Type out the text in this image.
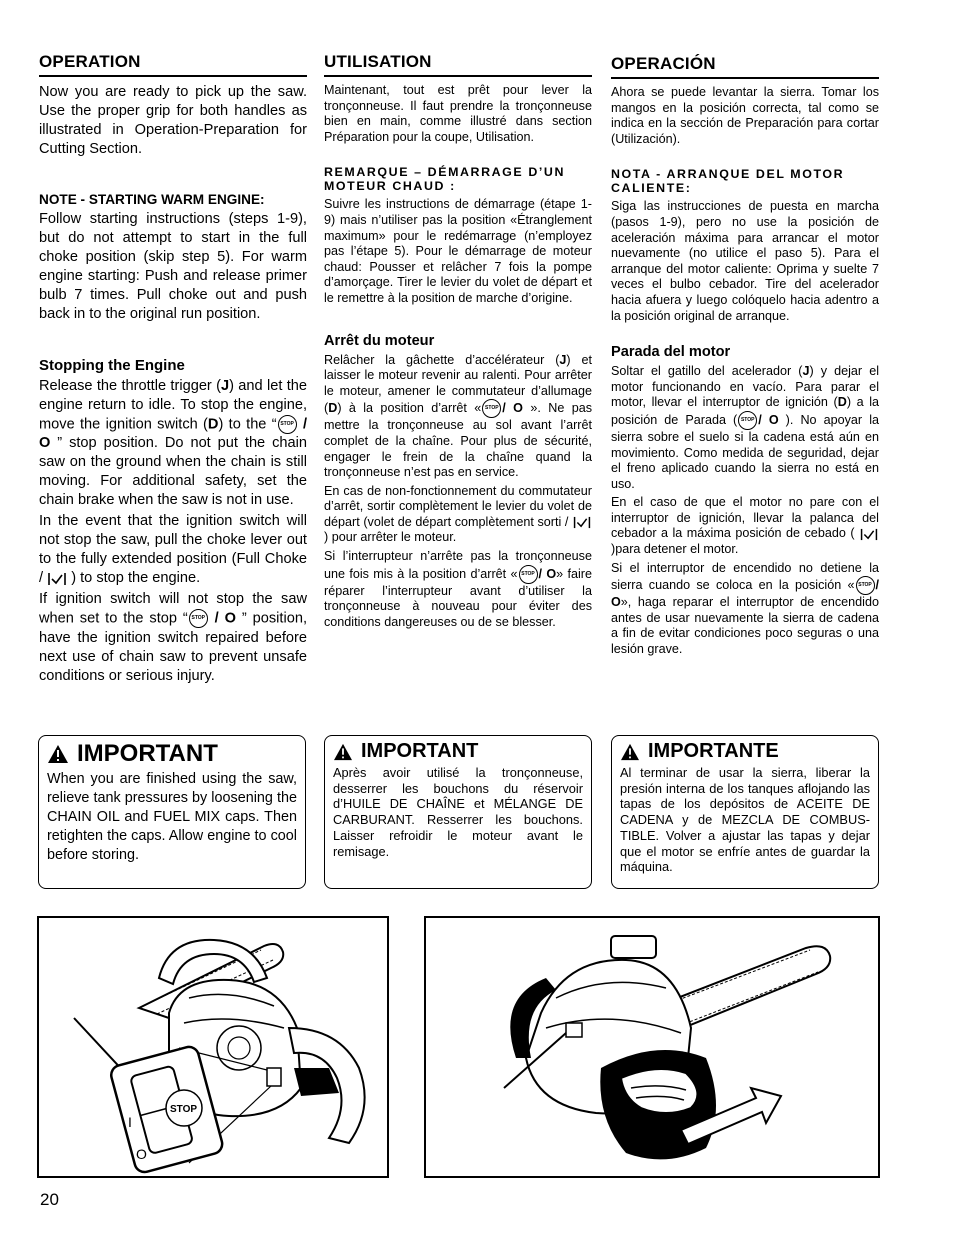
OPERATION

Now you are ready to pick up the saw. Use the proper grip for both handles as illustrated in Operation-Preparation for Cutting Section.

NOTE - STARTING WARM ENGINE:

Follow starting instructions (steps 1-9), but do not attempt to start in the full choke position (skip step 5). For warm engine starting: Push and release primer bulb 7 times. Pull choke out and push back in to the original run position.

Stopping the Engine

Release the throttle trigger (J) and let the engine return to idle. To stop the engine, move the ignition switch (D) to the “ STOP / O ” stop position. Do not put the chain saw on the ground when the chain is still moving. For additional safety, set the chain brake when the saw is not in use.

In the event that the ignition switch will not stop the saw, pull the choke lever out to the fully extended position (Full Choke / ) to stop the engine.

If ignition switch will not stop the saw when set to the stop “ STOP / O ” position, have the ignition switch repaired before next use of chain saw to prevent unsafe conditions or serious injury.

UTILISATION

Maintenant, tout est prêt pour lever la tronçonneuse. Il faut prendre la tronçonneuse bien en main, comme illustré dans section Préparation pour la coupe, Utilisation.

REMARQUE – DÉMARRAGE D’UN MOTEUR CHAUD :

Suivre les instructions de démarrage (étape 1-9) mais n’utiliser pas la position «Étranglement maximum» pour le redémarrage (n’employez pas l’étape 5). Pour le démarrage de moteur chaud: Pousser et relâcher 7 fois la pompe d’amorçage. Tirer le levier du volet de départ et le remettre à la position de marche d’origine.

Arrêt du moteur

Relâcher la gâchette d’accélérateur (J) et laisser le moteur revenir au ralenti. Pour arrêter le moteur, amener le commutateur d’allumage (D) à la position d’arrêt « STOP / O ». Ne pas mettre la tronçonneuse au sol avant l’arrêt complet de la chaîne. Pour plus de sécurité, engager le frein de la chaîne quand la tronçonneuse n’est pas en service.

En cas de non-fonctionnement du commutateur d’arrêt, sortir complètement le levier du volet de départ (volet de départ complètement sorti /  ) pour arrêter le moteur.

Si l’interrupteur n’arrête pas la tronçonneuse une fois mis à la position d’arrêt « STOP / O» faire réparer l’interrupteur avant d’utiliser la tronçonneuse à nouveau pour éviter des conditions dangereuses ou de se blesser.

OPERACIÓN

Ahora se puede levantar la sierra. Tomar los mangos en la posición correcta, tal como se indica en la sección de Preparación para cortar (Utilización).

NOTA - ARRANQUE DEL MOTOR CALIENTE:

Siga las instrucciones de puesta en marcha (pasos 1-9), pero no use la posición de aceleración máxima para arrancar el motor nuevamente (no utilice el paso 5). Para el arranque del motor caliente: Oprima y suelte 7 veces el bulbo cebador. Tire del acelerador hacia afuera y luego colóquelo hacia adentro a la posición original de arranque.

Parada del motor

Soltar el gatillo del acelerador (J) y dejar el motor funcionando en vacío. Para parar el motor, llevar el interruptor de ignición (D) a la posición de Parada ( STOP / O ). No apoyar la sierra sobre el suelo si la cadena está aún en movimiento. Como medida de seguridad, dejar el freno aplicado cuando la sierra no está en uso.

En el caso de que el motor no pare con el interruptor de ignición, llevar la palanca del cebador a la máxima posición de cebado (  )para detener el motor.

Si el interruptor de encendido no detiene la sierra cuando se coloca en la posición « STOP / O», haga reparar el interruptor de encendido antes de usar nuevamente la sierra de cadena a fin de evitar condiciones poco seguras o una lesión grave.

IMPORTANT

When you are finished using the saw, relieve tank pressures by loosening the CHAIN OIL and FUEL MIX caps. Then retighten the caps. Allow engine to cool before storing.

IMPORTANT

Après avoir utilisé la tronçonneuse, desserrer les bouchons du réservoir d’HUILE DE CHAÎNE et MÉLANGE DE CARBURANT. Resserrer les bouchons. Laisser refroidir le moteur avant le remisage.

IMPORTANTE

Al terminar de usar la sierra, liberar la presión interna de los tanques aflojando las tapas de los depósitos de ACEITE DE CADENA y de MEZCLA DE COMBUS-TIBLE. Volver a ajustar las tapas y dejar que el motor se enfríe antes de guardar la máquina.

I
O
STOP
20
